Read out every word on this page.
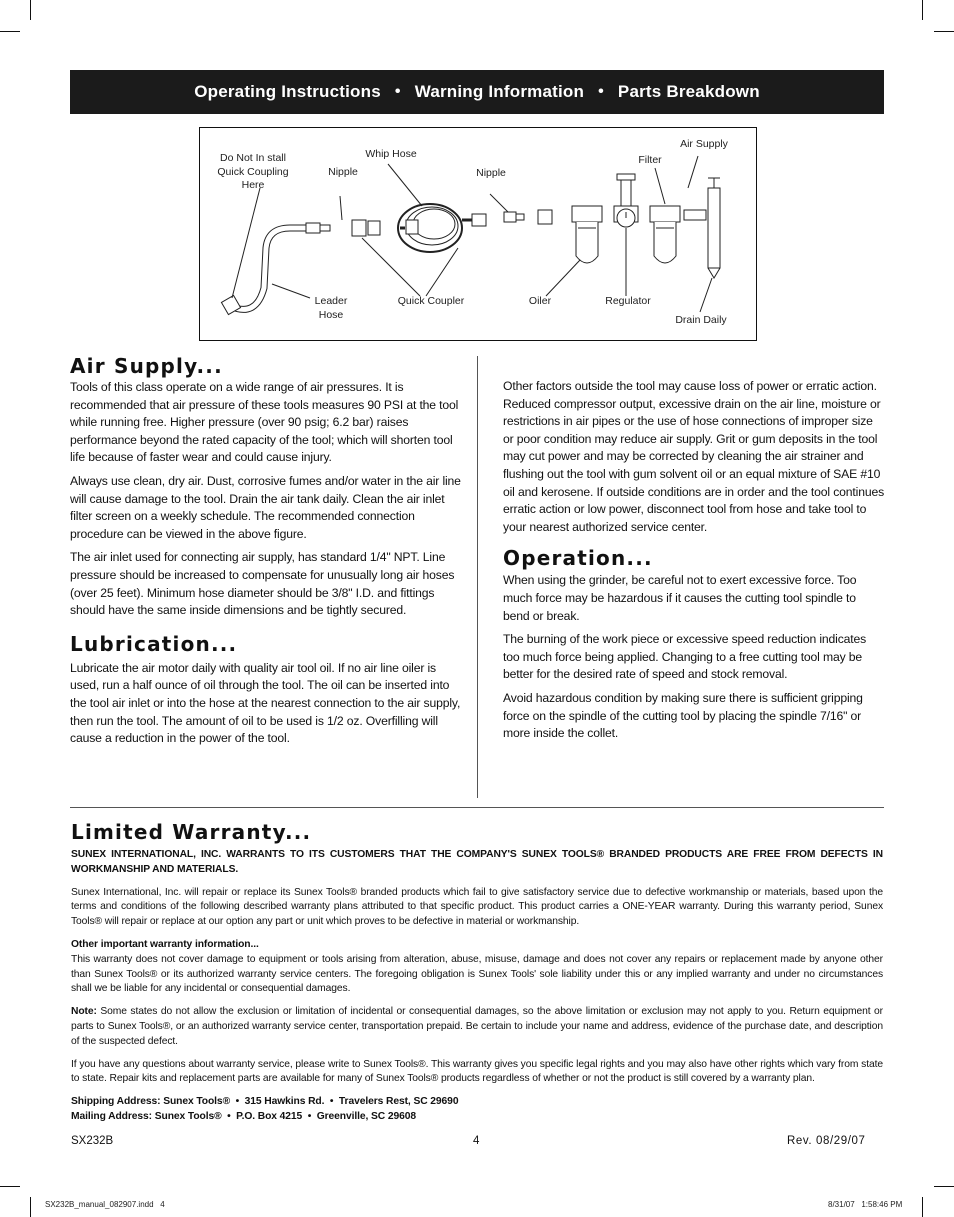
Operating Instructions • Warning Information • Parts Breakdown
Air Supply
Whip Hose	Filter
Do Not In stall
Quick Coupling
Here
Nipple	Nipple
Leader
Hose
Quick Coupler	Oiler	Regulator
Drain Daily
Air Supply...

Tools of this class operate on a wide range of air pressures. It is recommended that air pressure of these tools measures 90 PSI at the tool while running free. Higher pressure (over 90 psig; 6.2 bar) raises performance beyond the rated capacity of the tool; which will shorten tool life because of faster wear and could cause injury.

Always use clean, dry air. Dust, corrosive fumes and/or water in the air line will cause damage to the tool. Drain the air tank daily. Clean the air inlet filter screen on a weekly schedule. The recommended connection procedure can be viewed in the above figure.

The air inlet used for connecting air supply, has standard 1/4" NPT. Line pressure should be increased to compensate for unusually long air hoses (over 25 feet). Minimum hose diameter should be 3/8" I.D. and fittings should have the same inside dimensions and be tightly secured.

Lubrication...

Lubricate the air motor daily with quality air tool oil. If no air line oiler is used, run a half ounce of oil through the tool. The oil can be inserted into the tool air inlet or into the hose at the nearest connection to the air supply, then run the tool. The amount of oil to be used is 1/2 oz. Overfilling will cause a reduction in the power of the tool.

Other factors outside the tool may cause loss of power or erratic action. Reduced compressor output, excessive drain on the air line, moisture or restrictions in air pipes or the use of hose connections of improper size or poor condition may reduce air supply. Grit or gum deposits in the tool may cut power and may be corrected by cleaning the air strainer and flushing out the tool with gum solvent oil or an equal mixture of SAE #10 oil and kerosene. If outside conditions are in order and the tool continues erratic action or low power, disconnect tool from hose and take tool to your nearest authorized service center.

Operation...

When using the grinder, be careful not to exert excessive force. Too much force may be hazardous if it causes the cutting tool spindle to bend or break.

The burning of the work piece or excessive speed reduction indicates too much force being applied. Changing to a free cutting tool may be better for the desired rate of speed and stock removal.

Avoid hazardous condition by making sure there is sufficient gripping force on the spindle of the cutting tool by placing the spindle 7/16" or more inside the collet.

Limited Warranty...

SUNEX INTERNATIONAL, INC. WARRANTS TO ITS CUSTOMERS THAT THE COMPANY'S SUNEX TOOLS® BRANDED PRODUCTS ARE FREE FROM DEFECTS IN WORKMANSHIP AND MATERIALS.

Sunex International, Inc. will repair or replace its Sunex Tools® branded products which fail to give satisfactory service due to defective workmanship or materials, based upon the terms and conditions of the following described warranty plans attributed to that specific product. This product carries a ONE-YEAR warranty. During this warranty period, Sunex Tools® will repair or replace at our option any part or unit which proves to be defective in material or workmanship.

Other important warranty information...
This warranty does not cover damage to equipment or tools arising from alteration, abuse, misuse, damage and does not cover any repairs or replacement made by anyone other than Sunex Tools® or its authorized warranty service centers. The foregoing obligation is Sunex Tools' sole liability under this or any implied warranty and under no circumstances shall we be liable for any incidental or consequential damages.

Note: Some states do not allow the exclusion or limitation of incidental or consequential damages, so the above limitation or exclusion may not apply to you. Return equipment or parts to Sunex Tools®, or an authorized warranty service center, transportation prepaid. Be certain to include your name and address, evidence of the purchase date, and description of the suspected defect.

If you have any questions about warranty service, please write to Sunex Tools®. This warranty gives you specific legal rights and you may also have other rights which vary from state to state. Repair kits and replacement parts are available for many of Sunex Tools® products regardless of whether or not the product is still covered by a warranty plan.

Shipping Address: Sunex Tools®  •  315 Hawkins Rd.  •  Travelers Rest, SC 29690
Mailing Address: Sunex Tools®  •  P.O. Box 4215  •  Greenville, SC 29608

SX232B	4	Rev. 08/29/07
SX232B_manual_082907.indd   4	8/31/07   1:58:46 PM
